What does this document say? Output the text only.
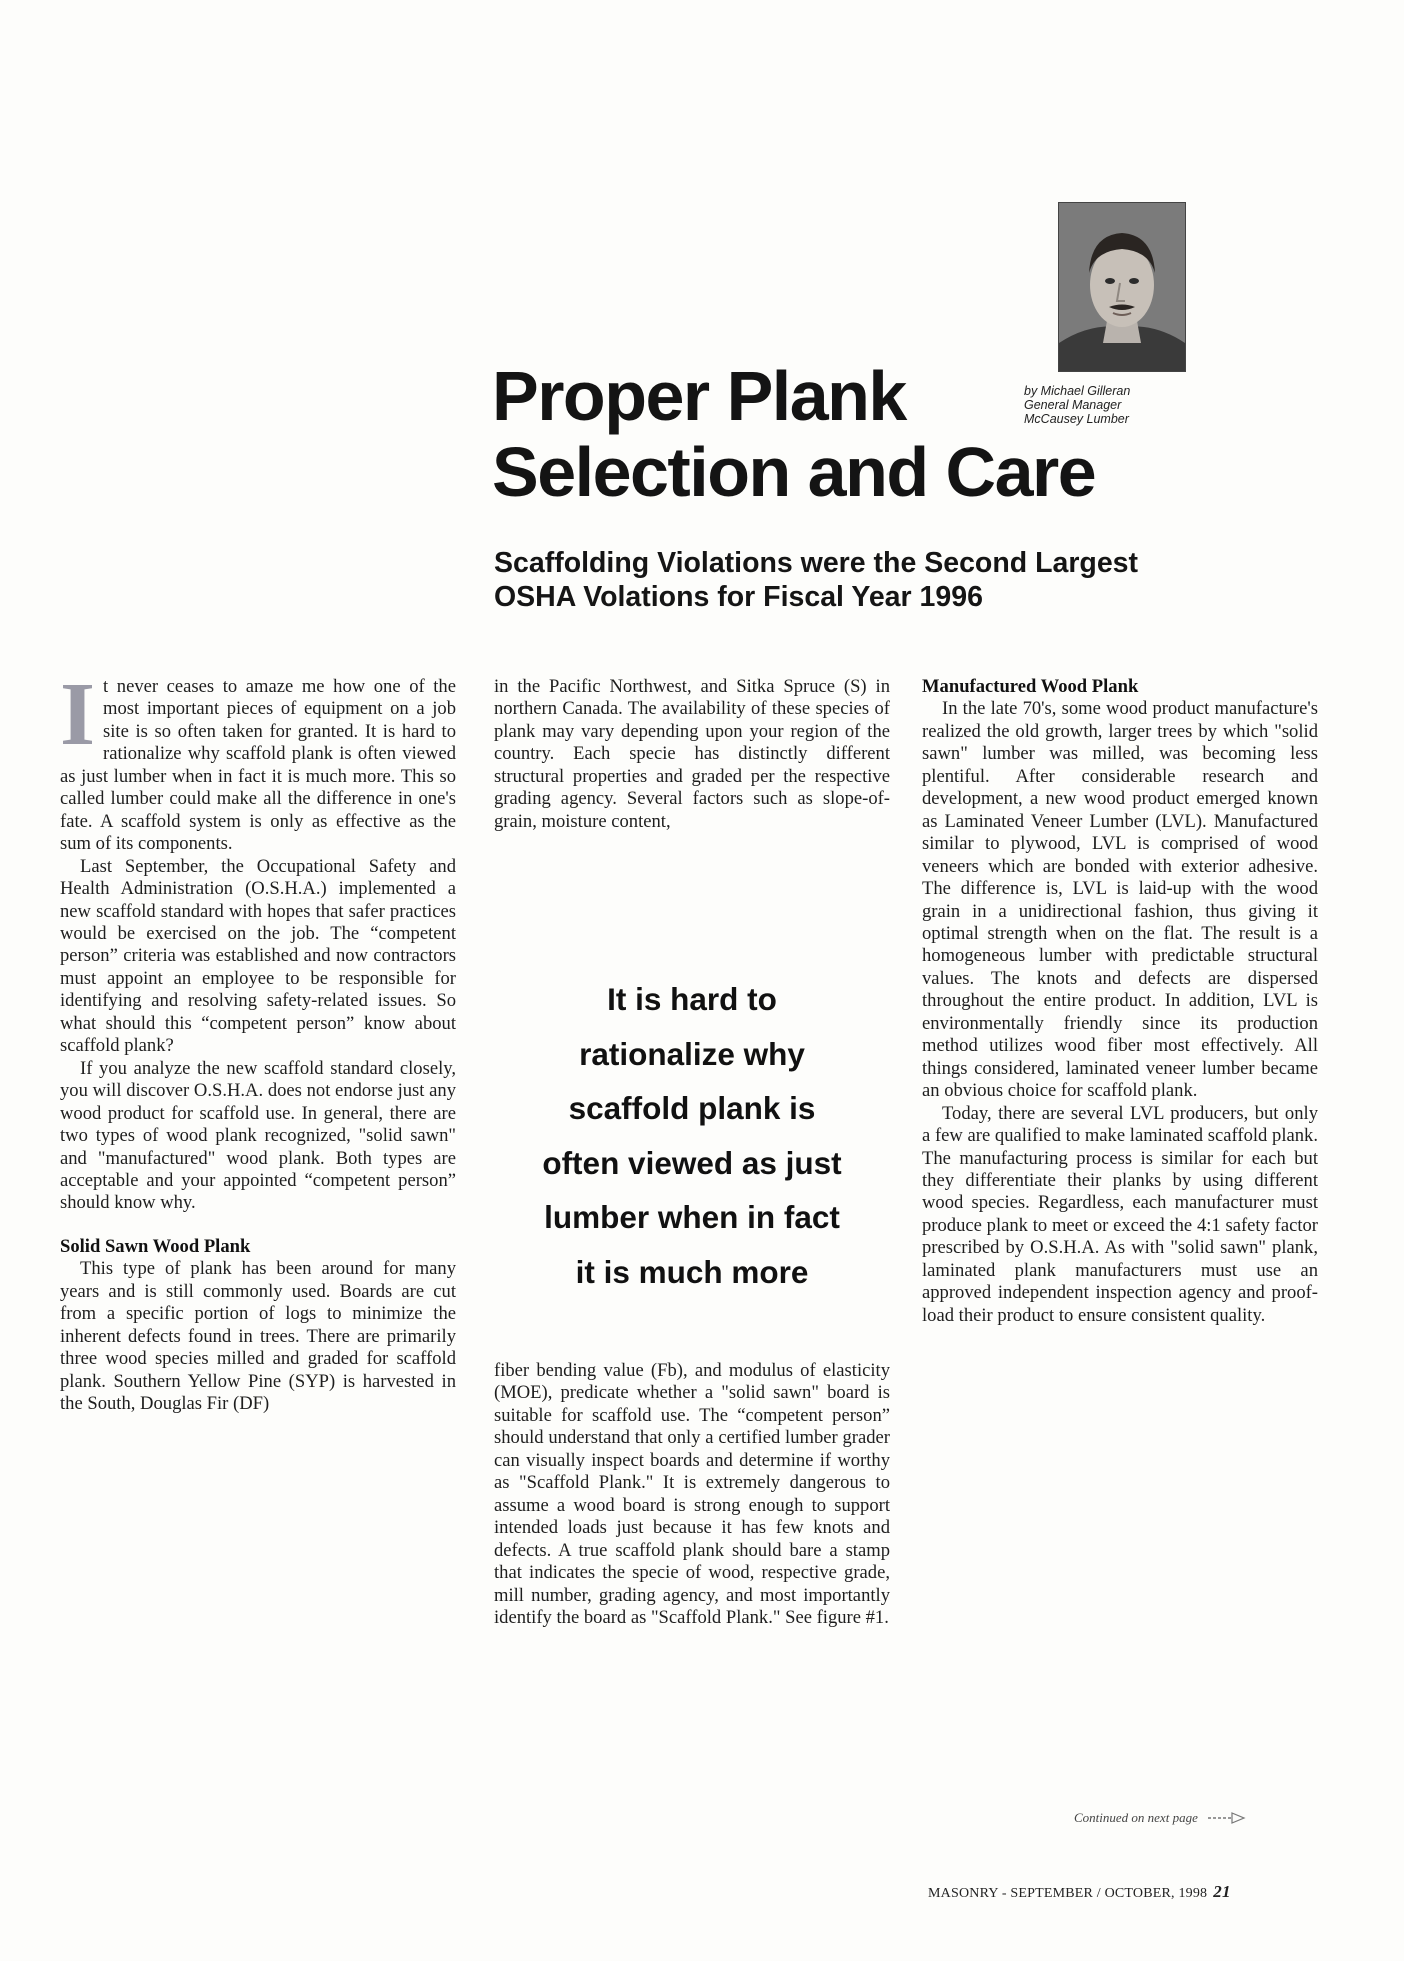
Proper Plank
Selection and Care
by Michael Gilleran
General Manager
McCausey Lumber
Scaffolding Violations were the Second Largest
OSHA Volations for Fiscal Year 1996

It never ceases to amaze me how one of the most important pieces of equipment on a job site is so often taken for granted. It is hard to rationalize why scaffold plank is often viewed as just lumber when in fact it is much more. This so called lumber could make all the difference in one's fate. A scaffold system is only as effective as the sum of its components.

Last September, the Occupational Safety and Health Administration (O.S.H.A.) implemented a new scaffold standard with hopes that safer practices would be exercised on the job. The “competent person” criteria was established and now contractors must appoint an employee to be responsible for identifying and resolving safety-related issues. So what should this “competent person” know about scaffold plank?

If you analyze the new scaffold standard closely, you will discover O.S.H.A. does not endorse just any wood product for scaffold use. In general, there are two types of wood plank recognized, "solid sawn" and "manufactured" wood plank. Both types are acceptable and your appointed “competent person” should know why.

Solid Sawn Wood Plank

This type of plank has been around for many years and is still commonly used. Boards are cut from a specific portion of logs to minimize the inherent defects found in trees. There are primarily three wood species milled and graded for scaffold plank. Southern Yellow Pine (SYP) is harvested in the South, Douglas Fir (DF)

in the Pacific Northwest, and Sitka Spruce (S) in northern Canada. The availability of these species of plank may vary depending upon your region of the country. Each specie has distinctly different structural properties and graded per the respective grading agency. Several factors such as slope-of-grain, moisture content,

It is hard to
rationalize why
scaffold plank is
often viewed as just
lumber when in fact
it is much more

fiber bending value (Fb), and modulus of elasticity (MOE), predicate whether a "solid sawn" board is suitable for scaffold use. The “competent person” should understand that only a certified lumber grader can visually inspect boards and determine if worthy as "Scaffold Plank." It is extremely dangerous to assume a wood board is strong enough to support intended loads just because it has few knots and defects. A true scaffold plank should bare a stamp that indicates the specie of wood, respective grade, mill number, grading agency, and most importantly identify the board as "Scaffold Plank." See figure #1.

Manufactured Wood Plank

In the late 70's, some wood product manufacture's realized the old growth, larger trees by which "solid sawn" lumber was milled, was becoming less plentiful. After considerable research and development, a new wood product emerged known as Laminated Veneer Lumber (LVL). Manufactured similar to plywood, LVL is comprised of wood veneers which are bonded with exterior adhesive. The difference is, LVL is laid-up with the wood grain in a unidirectional fashion, thus giving it optimal strength when on the flat. The result is a homogeneous lumber with predictable structural values. The knots and defects are dispersed throughout the entire product. In addition, LVL is environmentally friendly since its production method utilizes wood fiber most effectively. All things considered, laminated veneer lumber became an obvious choice for scaffold plank.

Today, there are several LVL producers, but only a few are qualified to make laminated scaffold plank. The manufacturing process is similar for each but they differentiate their planks by using different wood species. Regardless, each manufacturer must produce plank to meet or exceed the 4:1 safety factor prescribed by O.S.H.A. As with "solid sawn" plank, laminated plank manufacturers must use an approved independent inspection agency and proof-load their product to ensure consistent quality.

Continued on next page
MASONRY - SEPTEMBER / OCTOBER, 1998 21
